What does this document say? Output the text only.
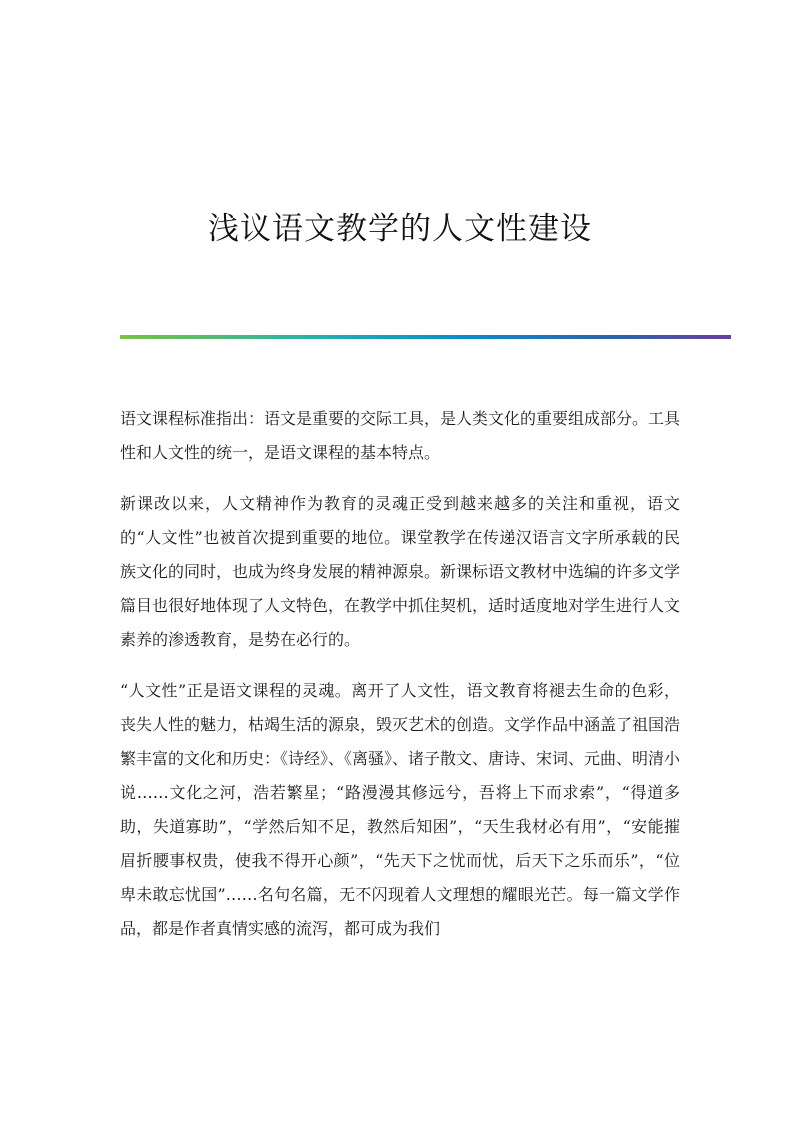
浅议语文教学的人文性建设

语文课程标准指出：语文是重要的交际工具，是人类文化的重要组成部分。工具性和人文性的统一，是语文课程的基本特点。

新课改以来，人文精神作为教育的灵魂正受到越来越多的关注和重视，语文的“人文性”也被首次提到重要的地位。课堂教学在传递汉语言文字所承载的民族文化的同时，也成为终身发展的精神源泉。新课标语文教材中选编的许多文学篇目也很好地体现了人文特色，在教学中抓住契机，适时适度地对学生进行人文素养的渗透教育，是势在必行的。

“人文性”正是语文课程的灵魂。离开了人文性，语文教育将褪去生命的色彩，丧失人性的魅力，枯竭生活的源泉，毁灭艺术的创造。文学作品中涵盖了祖国浩繁丰富的文化和历史：《诗经》、《离骚》、诸子散文、唐诗、宋词、元曲、明清小说……文化之河，浩若繁星；“路漫漫其修远兮，吾将上下而求索”，“得道多助，失道寡助”，“学然后知不足，教然后知困”，“天生我材必有用”，“安能摧眉折腰事权贵，使我不得开心颜”，“先天下之忧而忧，后天下之乐而乐”，“位卑未敢忘忧国”……名句名篇，无不闪现着人文理想的耀眼光芒。每一篇文学作品，都是作者真情实感的流泻，都可成为我们
